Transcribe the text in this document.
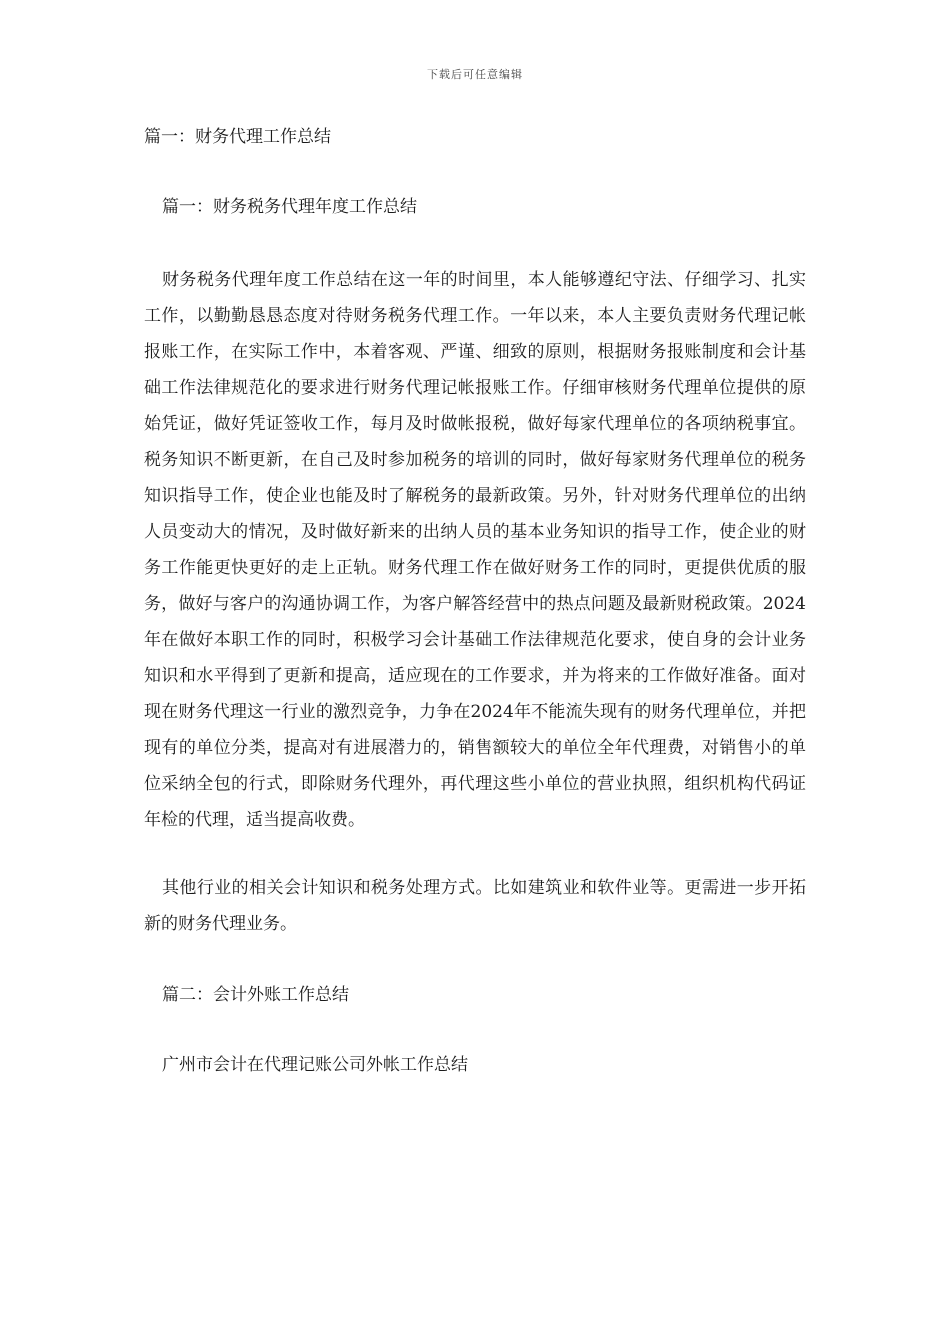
下载后可任意编辑

篇一：财务代理工作总结

篇一：财务税务代理年度工作总结

财务税务代理年度工作总结在这一年的时间里，本人能够遵纪守法、仔细学习、扎实工作，以勤勤恳恳态度对待财务税务代理工作。一年以来，本人主要负责财务代理记帐报账工作，在实际工作中，本着客观、严谨、细致的原则，根据财务报账制度和会计基础工作法律规范化的要求进行财务代理记帐报账工作。仔细审核财务代理单位提供的原始凭证，做好凭证签收工作，每月及时做帐报税，做好每家代理单位的各项纳税事宜。税务知识不断更新，在自己及时参加税务的培训的同时，做好每家财务代理单位的税务知识指导工作，使企业也能及时了解税务的最新政策。另外，针对财务代理单位的出纳人员变动大的情况，及时做好新来的出纳人员的基本业务知识的指导工作，使企业的财务工作能更快更好的走上正轨。财务代理工作在做好财务工作的同时，更提供优质的服务，做好与客户的沟通协调工作，为客户解答经营中的热点问题及最新财税政策。2024年在做好本职工作的同时，积极学习会计基础工作法律规范化要求，使自身的会计业务知识和水平得到了更新和提高，适应现在的工作要求，并为将来的工作做好准备。面对现在财务代理这一行业的激烈竞争，力争在2024年不能流失现有的财务代理单位，并把现有的单位分类，提高对有进展潜力的，销售额较大的单位全年代理费，对销售小的单位采纳全包的行式，即除财务代理外，再代理这些小单位的营业执照，组织机构代码证年检的代理，适当提高收费。

其他行业的相关会计知识和税务处理方式。比如建筑业和软件业等。更需进一步开拓新的财务代理业务。

篇二：会计外账工作总结

广州市会计在代理记账公司外帐工作总结
